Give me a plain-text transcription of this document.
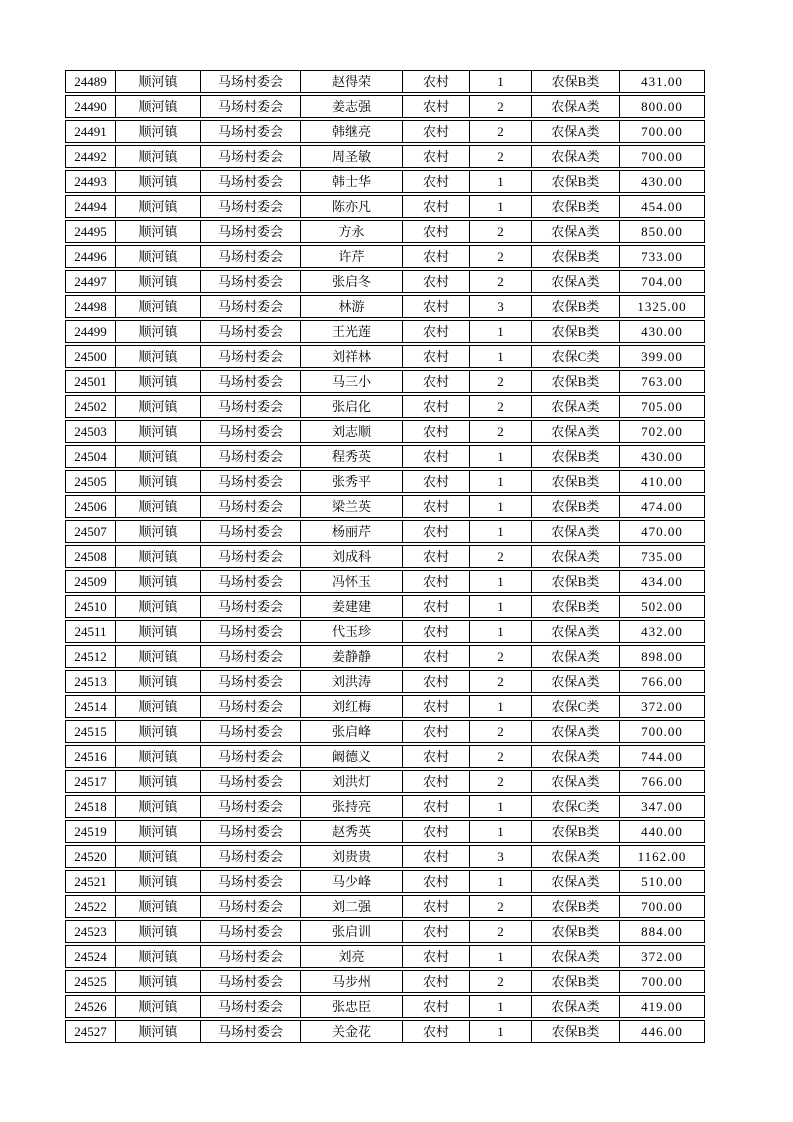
24489	顺河镇	马场村委会	赵得荣	农村	1	农保B类	431.00
24490	顺河镇	马场村委会	姜志强	农村	2	农保A类	800.00
24491	顺河镇	马场村委会	韩继亮	农村	2	农保A类	700.00
24492	顺河镇	马场村委会	周圣敏	农村	2	农保A类	700.00
24493	顺河镇	马场村委会	韩士华	农村	1	农保B类	430.00
24494	顺河镇	马场村委会	陈亦凡	农村	1	农保B类	454.00
24495	顺河镇	马场村委会	方永	农村	2	农保A类	850.00
24496	顺河镇	马场村委会	许芹	农村	2	农保B类	733.00
24497	顺河镇	马场村委会	张启冬	农村	2	农保A类	704.00
24498	顺河镇	马场村委会	林游	农村	3	农保B类	1325.00
24499	顺河镇	马场村委会	王光莲	农村	1	农保B类	430.00
24500	顺河镇	马场村委会	刘祥林	农村	1	农保C类	399.00
24501	顺河镇	马场村委会	马三小	农村	2	农保B类	763.00
24502	顺河镇	马场村委会	张启化	农村	2	农保A类	705.00
24503	顺河镇	马场村委会	刘志顺	农村	2	农保A类	702.00
24504	顺河镇	马场村委会	程秀英	农村	1	农保B类	430.00
24505	顺河镇	马场村委会	张秀平	农村	1	农保B类	410.00
24506	顺河镇	马场村委会	梁兰英	农村	1	农保B类	474.00
24507	顺河镇	马场村委会	杨丽芹	农村	1	农保A类	470.00
24508	顺河镇	马场村委会	刘成科	农村	2	农保A类	735.00
24509	顺河镇	马场村委会	冯怀玉	农村	1	农保B类	434.00
24510	顺河镇	马场村委会	姜建建	农村	1	农保B类	502.00
24511	顺河镇	马场村委会	代玉珍	农村	1	农保A类	432.00
24512	顺河镇	马场村委会	姜静静	农村	2	农保A类	898.00
24513	顺河镇	马场村委会	刘洪涛	农村	2	农保A类	766.00
24514	顺河镇	马场村委会	刘红梅	农村	1	农保C类	372.00
24515	顺河镇	马场村委会	张启峰	农村	2	农保A类	700.00
24516	顺河镇	马场村委会	阚德义	农村	2	农保A类	744.00
24517	顺河镇	马场村委会	刘洪灯	农村	2	农保A类	766.00
24518	顺河镇	马场村委会	张持亮	农村	1	农保C类	347.00
24519	顺河镇	马场村委会	赵秀英	农村	1	农保B类	440.00
24520	顺河镇	马场村委会	刘贵贵	农村	3	农保A类	1162.00
24521	顺河镇	马场村委会	马少峰	农村	1	农保A类	510.00
24522	顺河镇	马场村委会	刘二强	农村	2	农保B类	700.00
24523	顺河镇	马场村委会	张启训	农村	2	农保B类	884.00
24524	顺河镇	马场村委会	刘亮	农村	1	农保A类	372.00
24525	顺河镇	马场村委会	马步州	农村	2	农保B类	700.00
24526	顺河镇	马场村委会	张忠臣	农村	1	农保A类	419.00
24527	顺河镇	马场村委会	关金花	农村	1	农保B类	446.00
